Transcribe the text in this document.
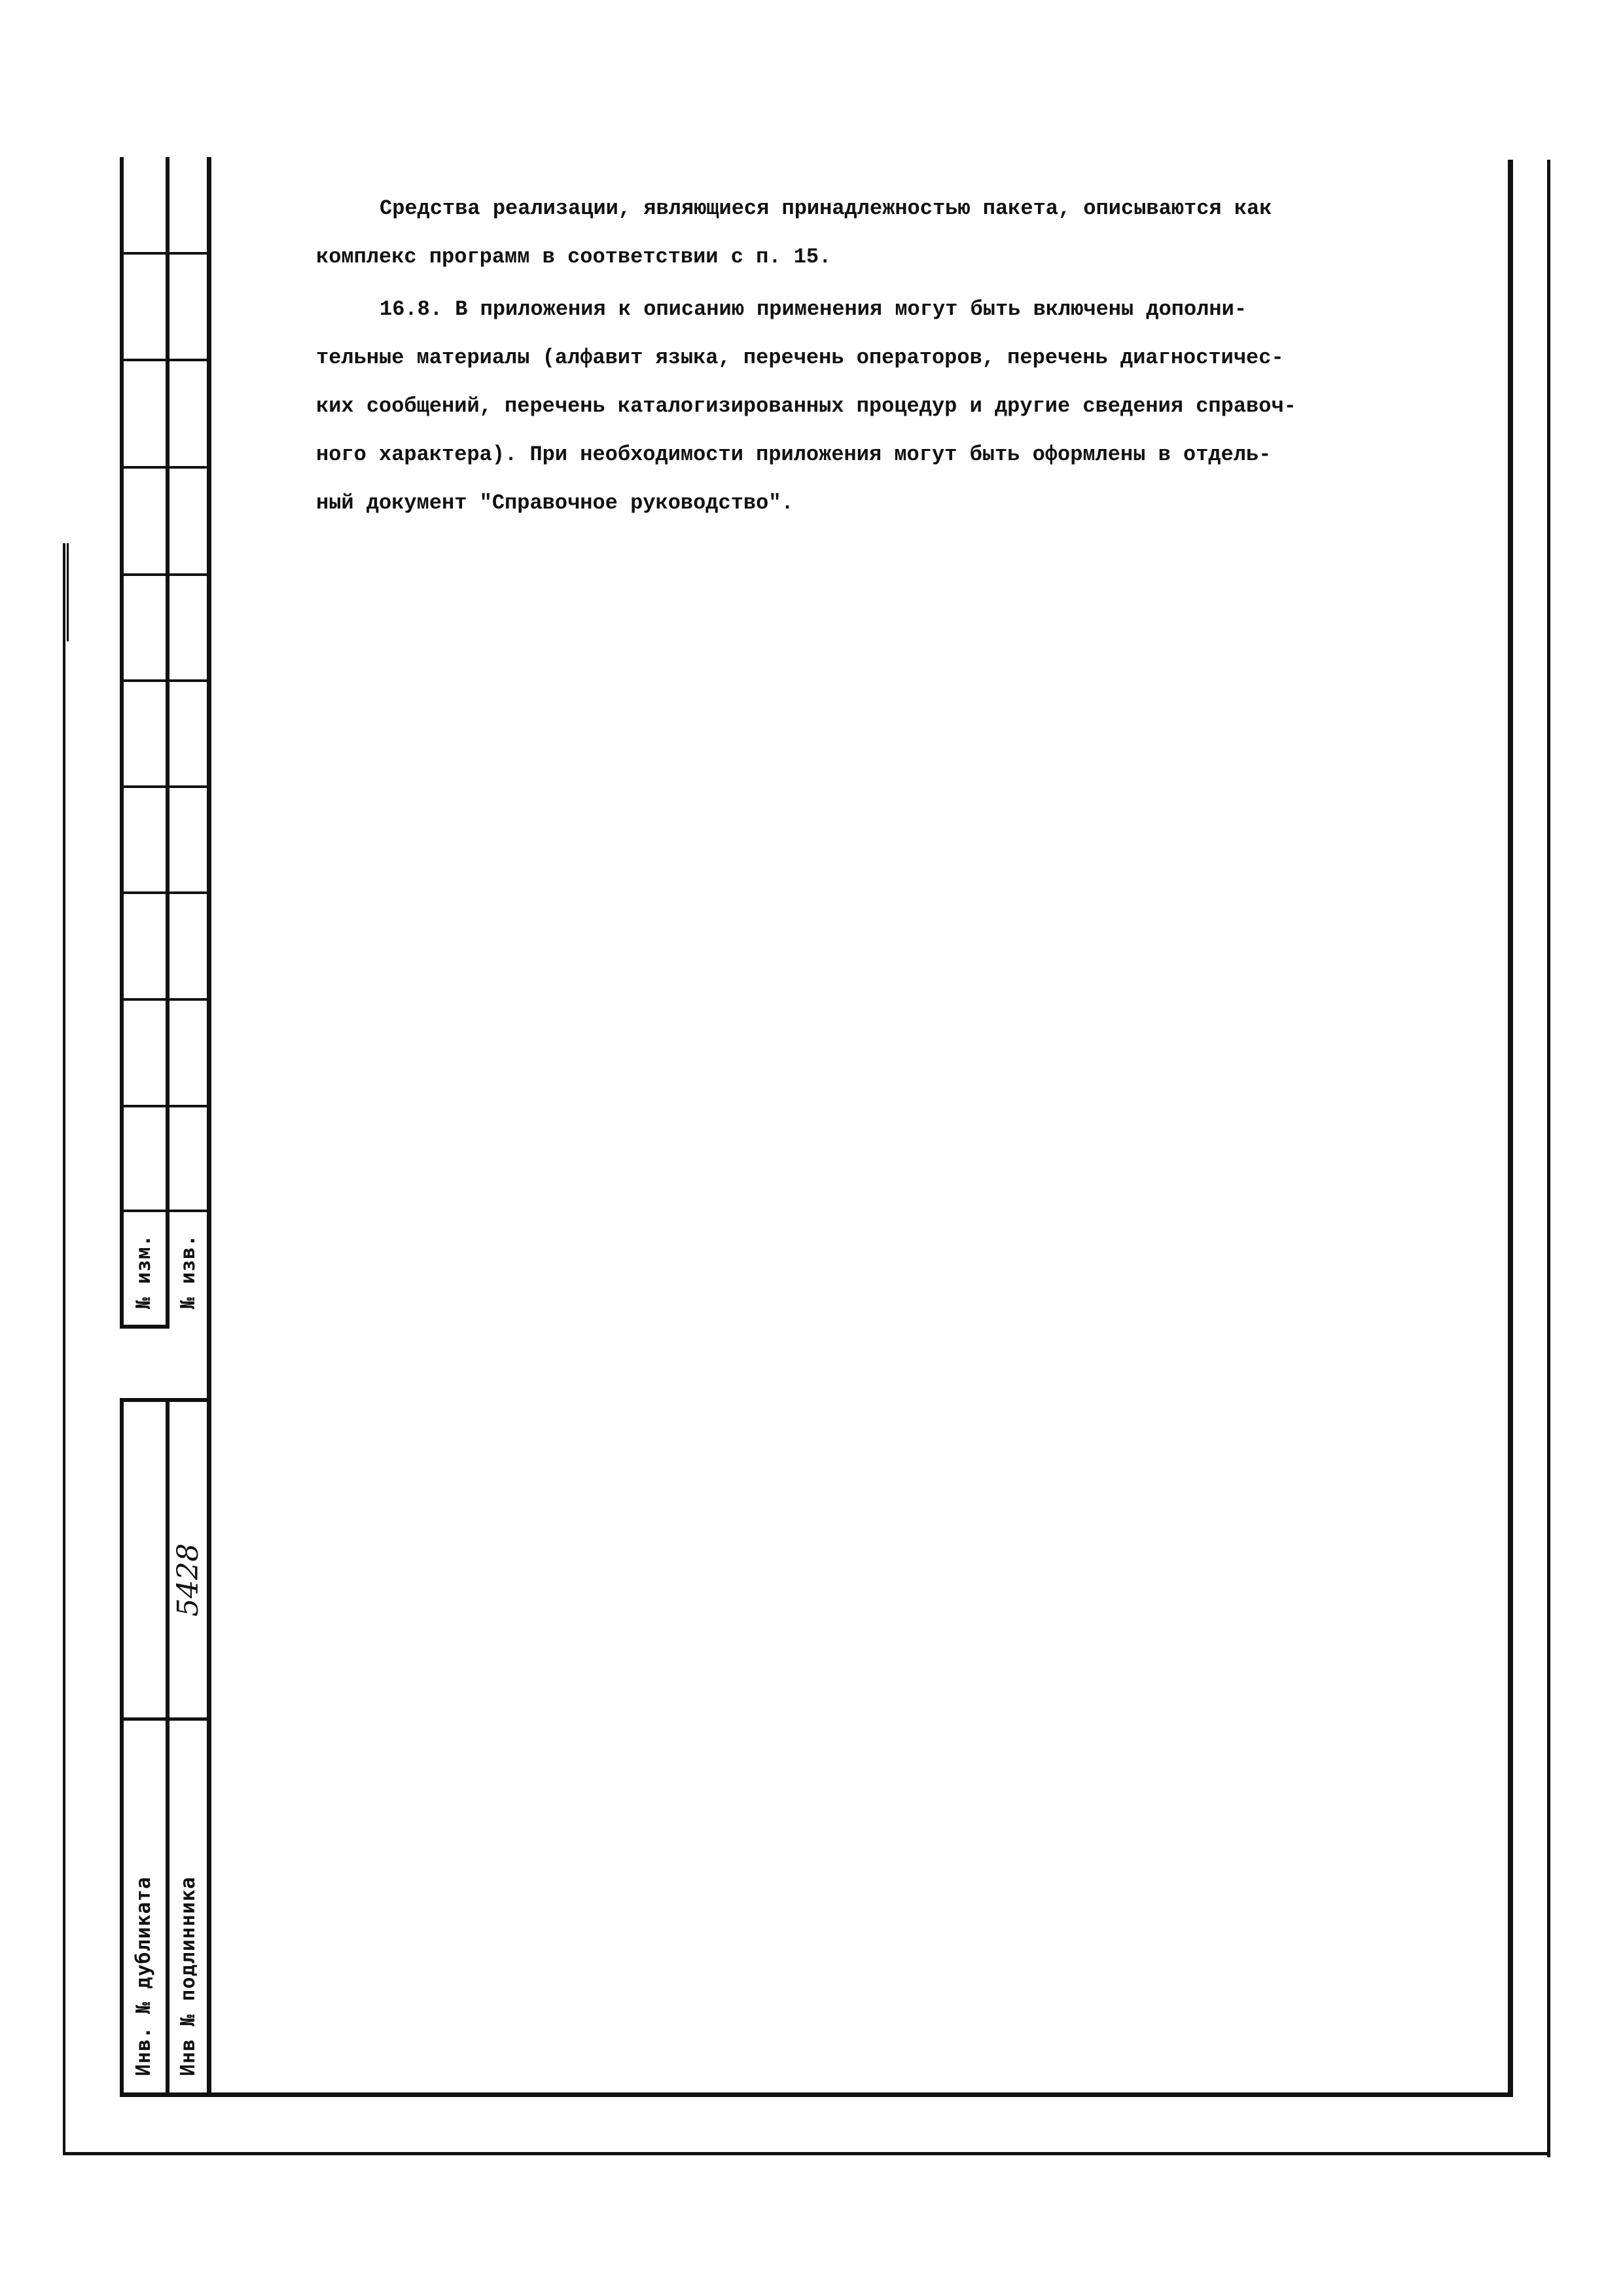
№ изм. № изв.
5428
Инв. № дубликата Инв № подлинника

Средства реализации, являющиеся принадлежностью пакета, описываются как
комплекс программ в соответствии с п. 15.

16.8. В приложения к описанию применения могут быть включены дополни-
тельные материалы (алфавит языка, перечень операторов, перечень диагностичес-
ких сообщений, перечень каталогизированных процедур и другие сведения справоч-
ного характера). При необходимости приложения могут быть оформлены в отдель-
ный документ "Справочное руководство".
